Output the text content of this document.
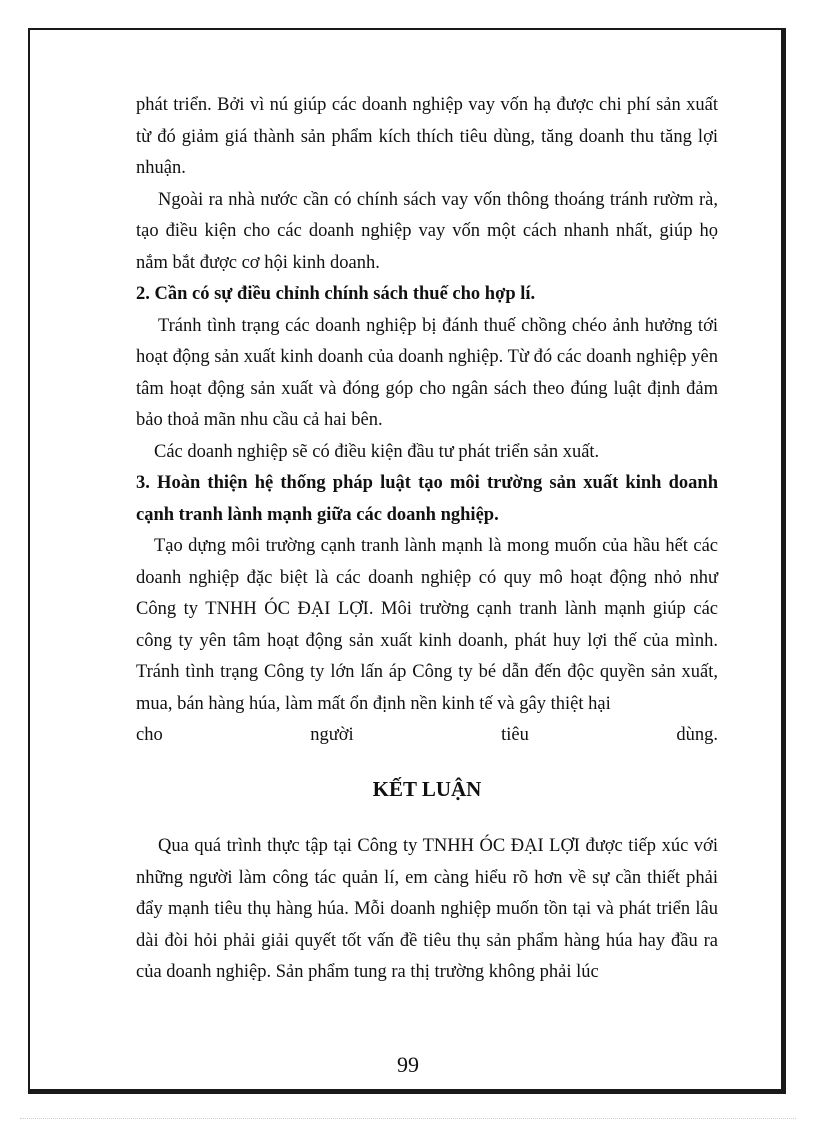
phát triển. Bởi vì nú giúp các doanh nghiệp vay vốn hạ được chi phí sản xuất từ đó giảm giá thành sản phẩm kích thích tiêu dùng, tăng doanh thu tăng lợi nhuận.

Ngoài ra nhà nước cần có chính sách vay vốn thông thoáng tránh rườm rà, tạo điều kiện cho các doanh nghiệp vay vốn một cách nhanh nhất, giúp họ nắm bắt được cơ hội kinh doanh.

2. Cần có sự điều chỉnh chính sách thuế cho hợp lí.

Tránh tình trạng các doanh nghiệp bị đánh thuế chồng chéo ảnh hưởng tới hoạt động sản xuất kinh doanh của doanh nghiệp. Từ đó các doanh nghiệp yên tâm hoạt động sản xuất và đóng góp cho ngân sách theo đúng luật định đảm bảo thoả mãn nhu cầu cả hai bên.

Các doanh nghiệp sẽ có điều kiện đầu tư phát triển sản xuất.

3. Hoàn thiện hệ thống pháp luật tạo môi trường sản xuất kinh doanh cạnh tranh lành mạnh giữa các doanh nghiệp.

Tạo dựng môi trường cạnh tranh lành mạnh là mong muốn của hầu hết các doanh nghiệp đặc biệt là các doanh nghiệp có quy mô hoạt động nhỏ như Công ty TNHH ÓC ĐẠI LỢI. Môi trường cạnh tranh lành mạnh giúp các công ty yên tâm hoạt động sản xuất kinh doanh, phát huy lợi thế của mình. Tránh tình trạng Công ty lớn lấn áp Công ty bé dẫn đến độc quyền sản xuất, mua, bán hàng húa, làm mất ổn định nền kinh tế và gây thiệt hại

cho	người	tiêu	dùng.

KẾT LUẬN

Qua quá trình thực tập tại Công ty TNHH ÓC ĐẠI LỢI được tiếp xúc với những người làm công tác quản lí, em càng hiểu rõ hơn về sự cần thiết phải đẩy mạnh tiêu thụ hàng húa. Mỗi doanh nghiệp muốn tồn tại và phát triển lâu dài đòi hỏi phải giải quyết tốt vấn đề tiêu thụ sản phẩm hàng húa hay đầu ra của doanh nghiệp. Sản phẩm tung ra thị trường không phải lúc

99
